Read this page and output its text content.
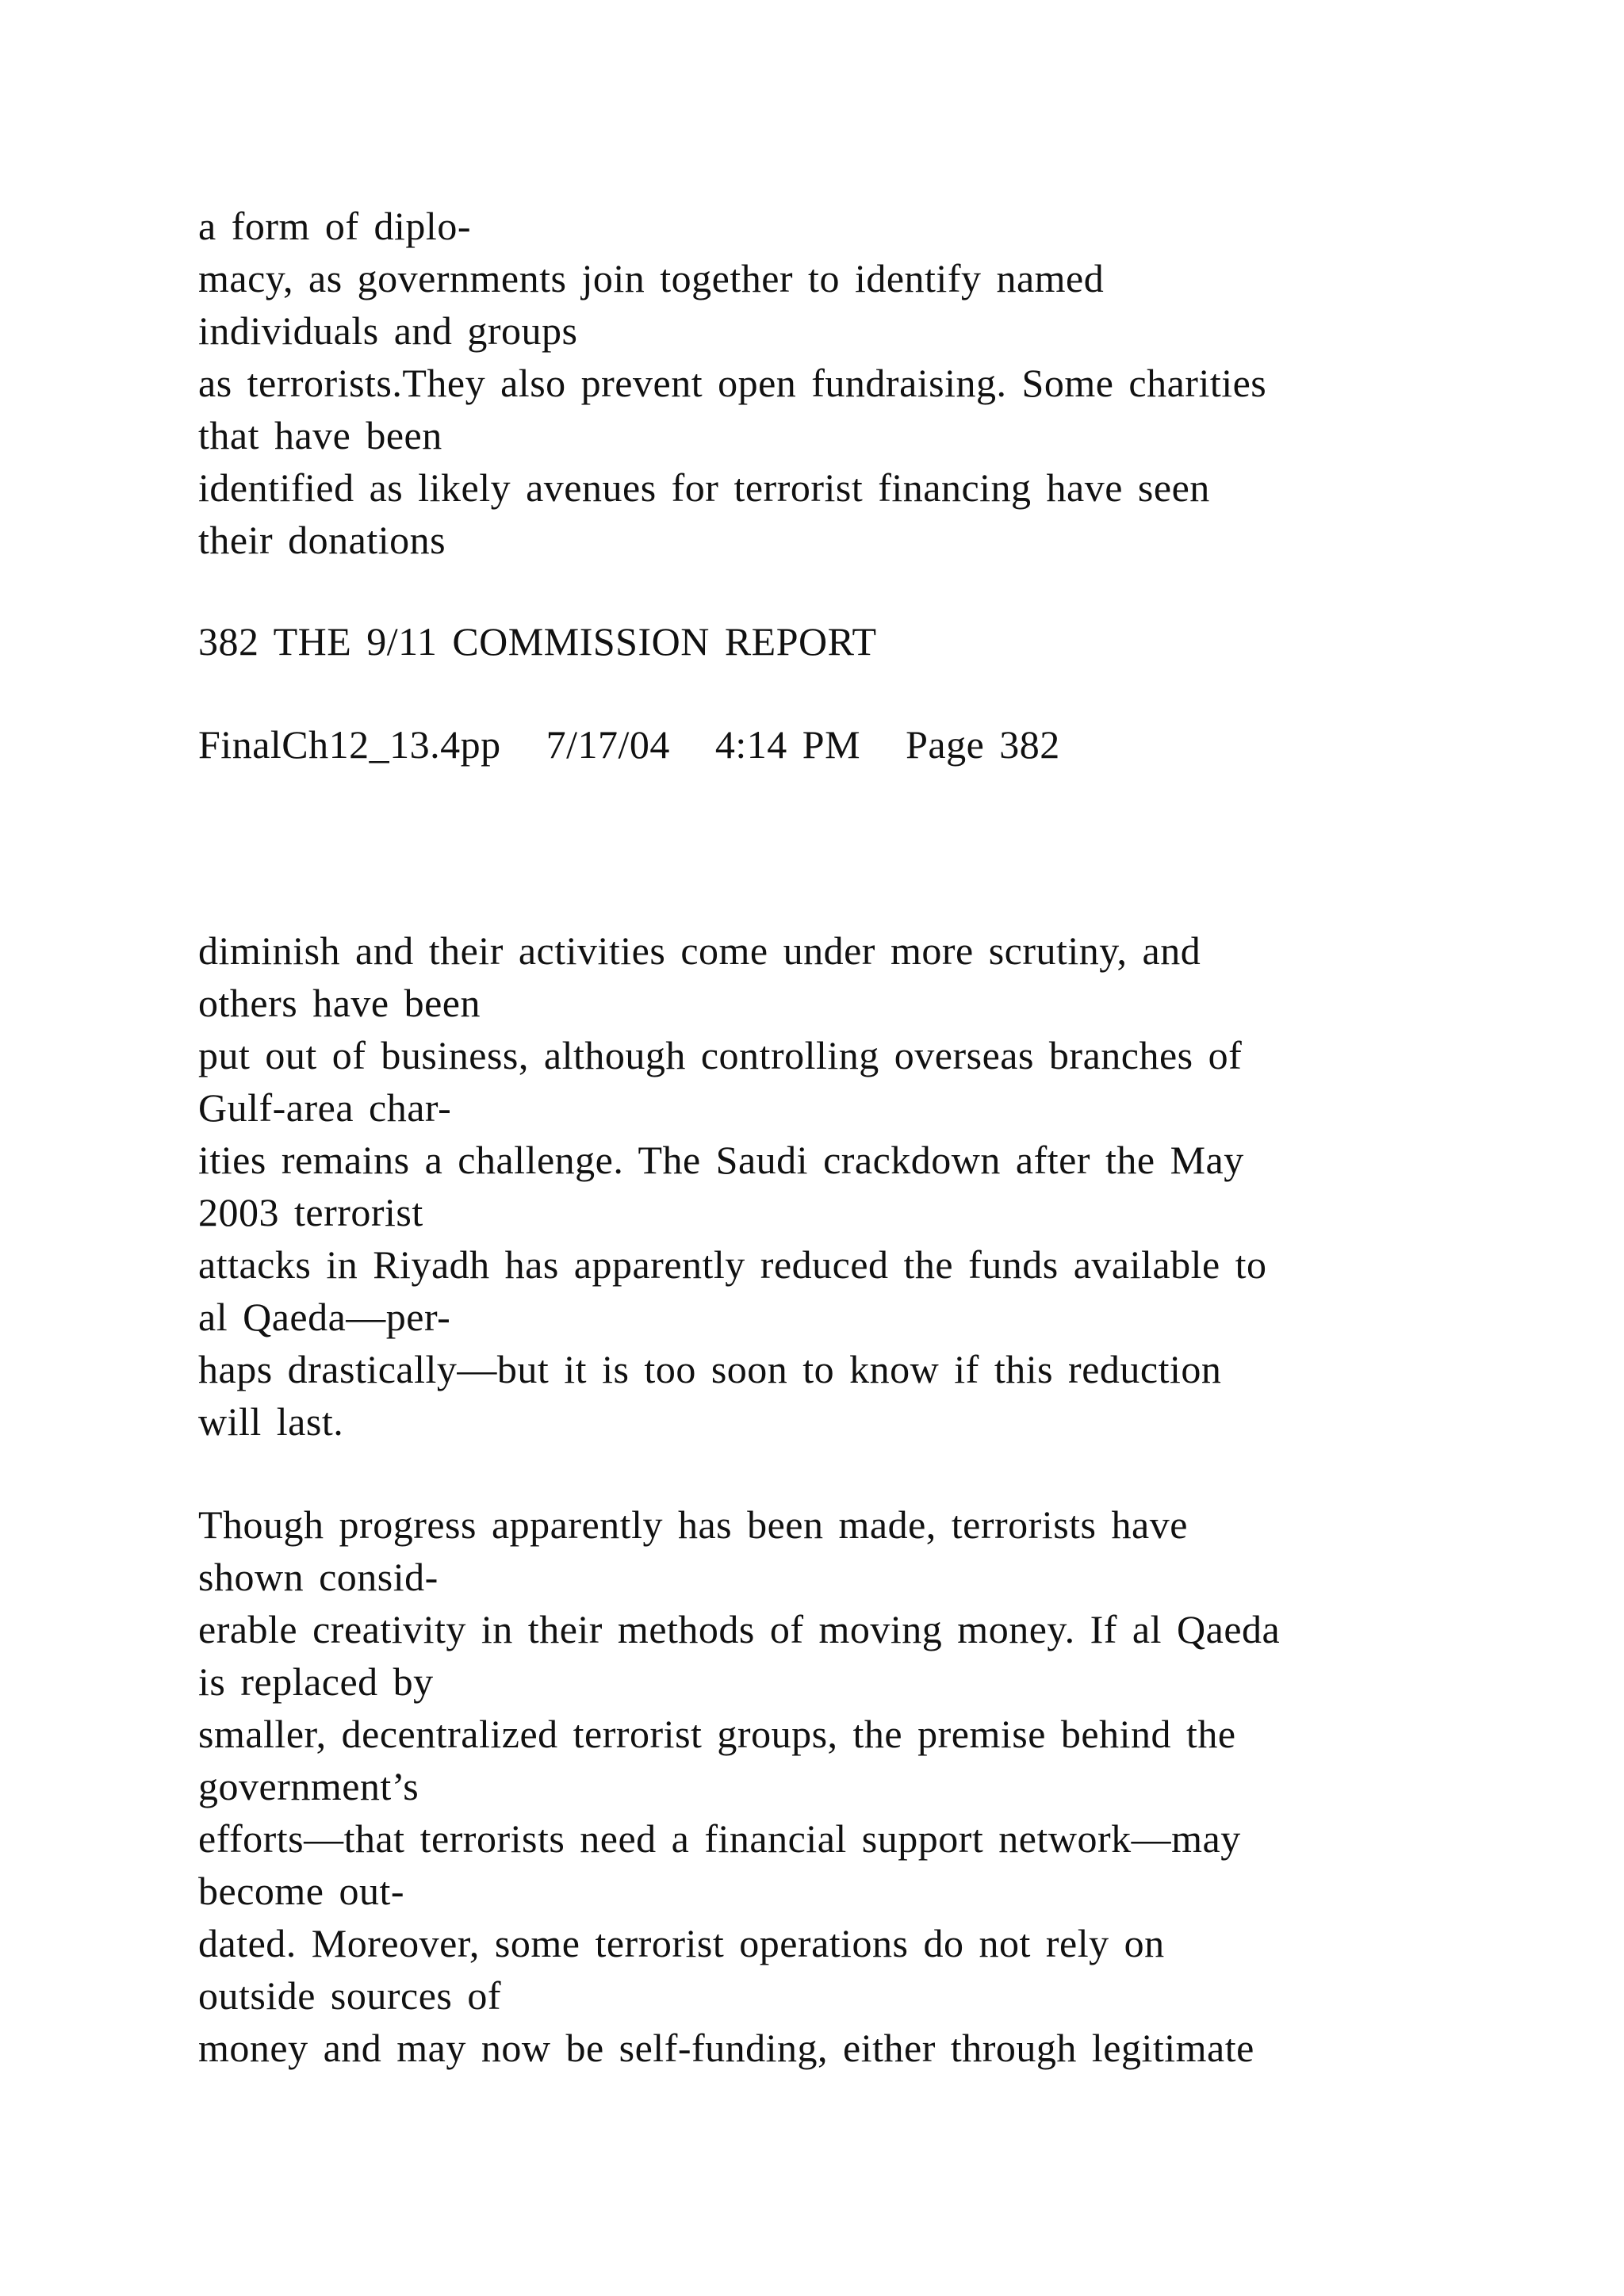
a form of diplo-
macy, as governments join together to identify named
individuals and groups
as terrorists.They also prevent open fundraising. Some charities
that have been
identified as likely avenues for terrorist financing have seen
their donations
382 THE 9/11 COMMISSION REPORT
FinalCh12_13.4pp   7/17/04   4:14 PM   Page 382
diminish and their activities come under more scrutiny, and
others have been
put out of business, although controlling overseas branches of
Gulf-area char-
ities remains a challenge. The Saudi crackdown after the May
2003 terrorist
attacks in Riyadh has apparently reduced the funds available to
al Qaeda—per-
haps drastically—but it is too soon to know if this reduction
will last.
Though progress apparently has been made, terrorists have
shown consid-
erable creativity in their methods of moving money. If al Qaeda
is replaced by
smaller, decentralized terrorist groups, the premise behind the
government’s
efforts—that terrorists need a financial support network—may
become out-
dated. Moreover, some terrorist operations do not rely on
outside sources of
money and may now be self-funding, either through legitimate
